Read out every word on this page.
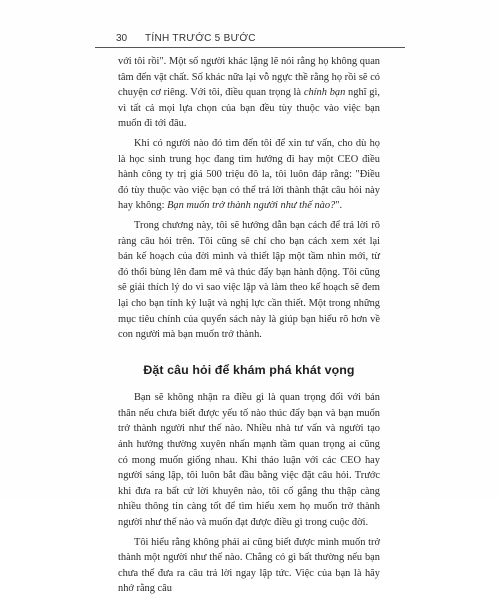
30 TÍNH TRƯỚC 5 BƯỚC

với tôi rồi". Một số người khác lặng lẽ nói rằng họ không quan tâm đến vật chất. Số khác nữa lại vỗ ngực thề rằng họ rồi sẽ có chuyện cơ riêng. Với tôi, điều quan trọng là chính bạn nghĩ gì, vì tất cả mọi lựa chọn của bạn đều tùy thuộc vào việc bạn muốn đi tới đâu.

Khi có người nào đó tìm đến tôi để xin tư vấn, cho dù họ là học sinh trung học đang tìm hướng đi hay một CEO điều hành công ty trị giá 500 triệu đô la, tôi luôn đáp rằng: "Điều đó tùy thuộc vào việc bạn có thể trả lời thành thật câu hỏi này hay không: Bạn muốn trở thành người như thế nào?".

Trong chương này, tôi sẽ hướng dẫn bạn cách để trả lời rõ ràng câu hỏi trên. Tôi cũng sẽ chỉ cho bạn cách xem xét lại bản kế hoạch của đời mình và thiết lập một tầm nhìn mới, từ đó thổi bùng lên đam mê và thúc đẩy bạn hành động. Tôi cũng sẽ giải thích lý do vì sao việc lập và làm theo kế hoạch sẽ đem lại cho bạn tính kỷ luật và nghị lực cần thiết. Một trong những mục tiêu chính của quyển sách này là giúp bạn hiểu rõ hơn về con người mà bạn muốn trở thành.

Đặt câu hỏi để khám phá khát vọng

Bạn sẽ không nhận ra điều gì là quan trọng đối với bản thân nếu chưa biết được yếu tố nào thúc đẩy bạn và bạn muốn trở thành người như thế nào. Nhiều nhà tư vấn và người tạo ảnh hưởng thường xuyên nhấn mạnh tầm quan trọng ai cũng có mong muốn giống nhau. Khi thảo luận với các CEO hay người sáng lập, tôi luôn bắt đầu bằng việc đặt câu hỏi. Trước khi đưa ra bất cứ lời khuyên nào, tôi cố gắng thu thập càng nhiều thông tin càng tốt để tìm hiểu xem họ muốn trở thành người như thế nào và muốn đạt được điều gì trong cuộc đời.

Tôi hiểu rằng không phải ai cũng biết được mình muốn trở thành một người như thế nào. Chẳng có gì bất thường nếu bạn chưa thể đưa ra câu trả lời ngay lập tức. Việc của bạn là hãy nhớ rằng câu
